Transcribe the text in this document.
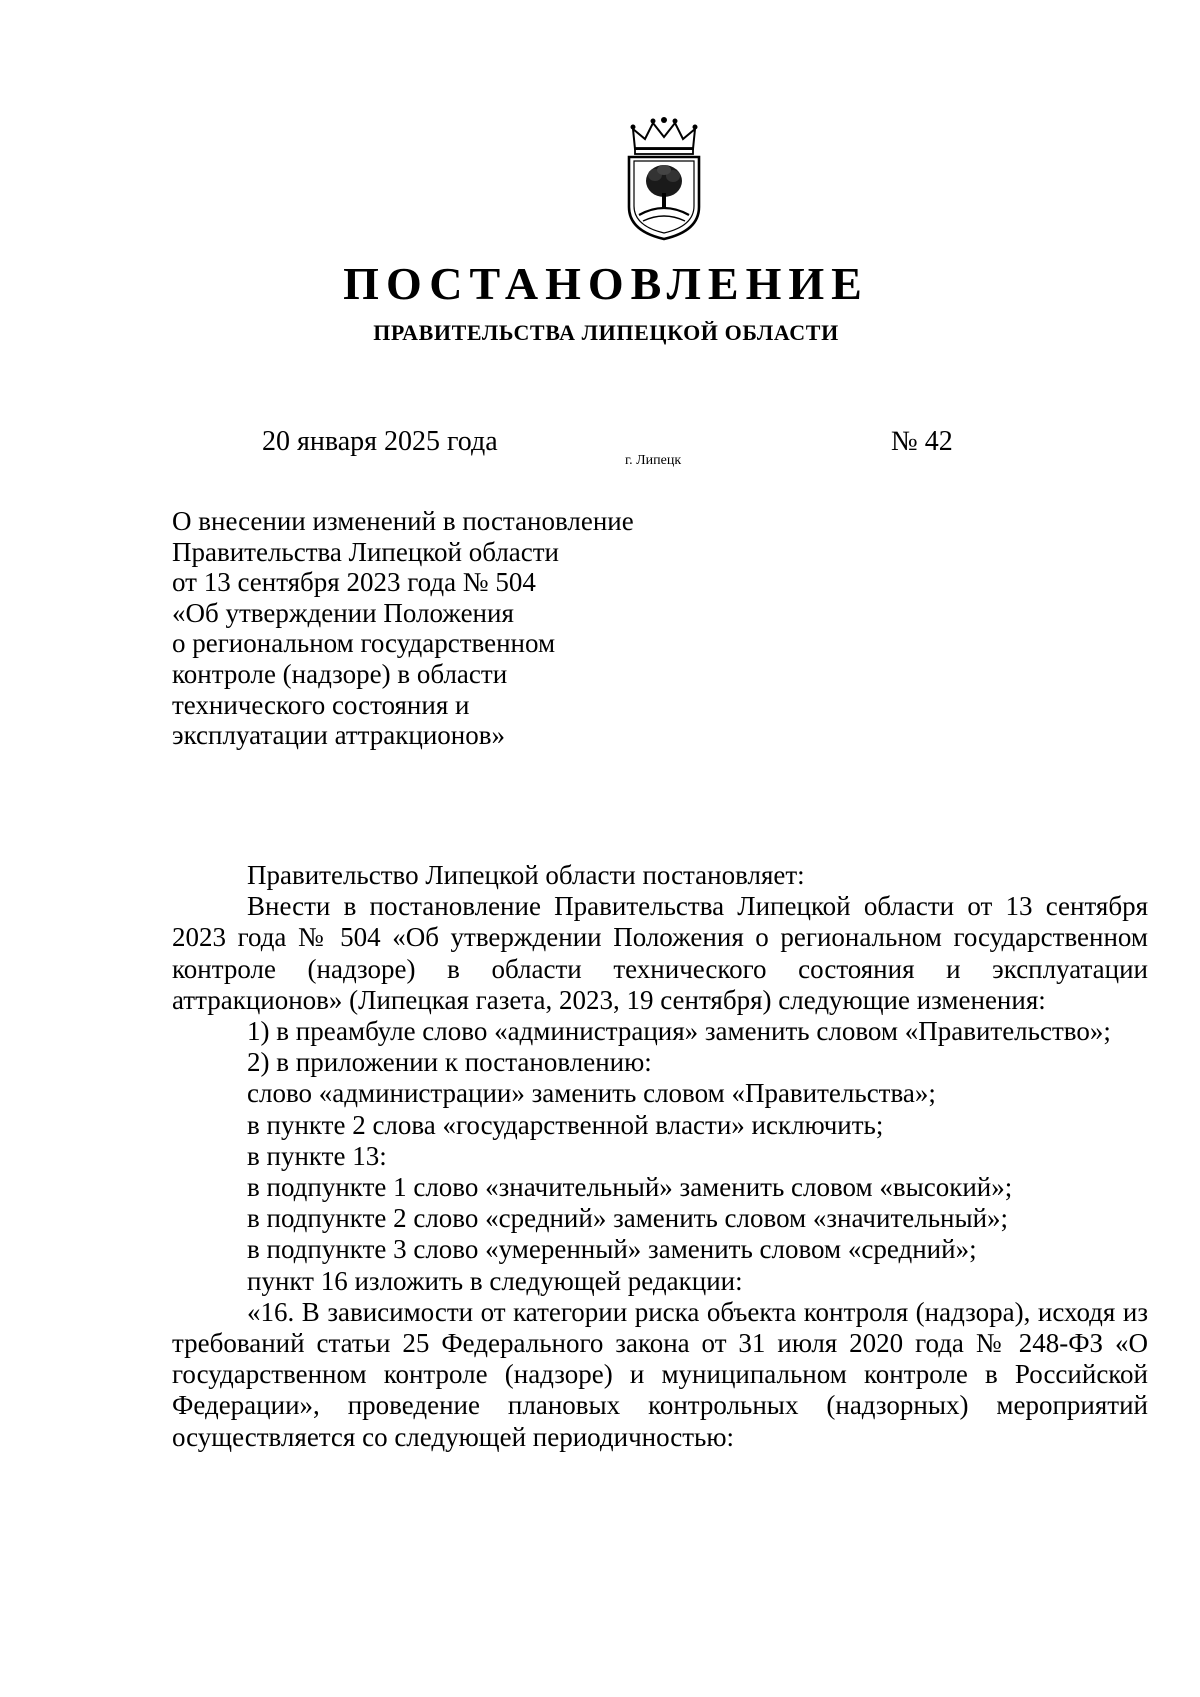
ПОСТАНОВЛЕНИЕ
ПРАВИТЕЛЬСТВА ЛИПЕЦКОЙ ОБЛАСТИ
20 января 2025 года
г. Липецк
№ 42
О внесении изменений в постановление
Правительства Липецкой области
от 13 сентября 2023 года № 504
«Об утверждении Положения
о региональном государственном
контроле (надзоре) в области
технического состояния и
эксплуатации аттракционов»

Правительство Липецкой области постановляет:

Внести в постановление Правительства Липецкой области от 13 сентября 2023 года № 504 «Об утверждении Положения о региональном государственном контроле (надзоре) в области технического состояния и эксплуатации аттракционов» (Липецкая газета, 2023, 19 сентября) следующие изменения:

1) в преамбуле слово «администрация» заменить словом «Правительство»;

2) в приложении к постановлению:

слово «администрации» заменить словом «Правительства»;

в пункте 2 слова «государственной власти» исключить;

в пункте 13:

в подпункте 1 слово «значительный» заменить словом «высокий»;

в подпункте 2 слово «средний» заменить словом «значительный»;

в подпункте 3 слово «умеренный» заменить словом «средний»;

пункт 16 изложить в следующей редакции:

«16. В зависимости от категории риска объекта контроля (надзора), исходя из требований статьи 25 Федерального закона от 31 июля 2020 года № 248-ФЗ «О государственном контроле (надзоре) и муниципальном контроле в Российской Федерации», проведение плановых контрольных (надзорных) мероприятий осуществляется со следующей периодичностью:
